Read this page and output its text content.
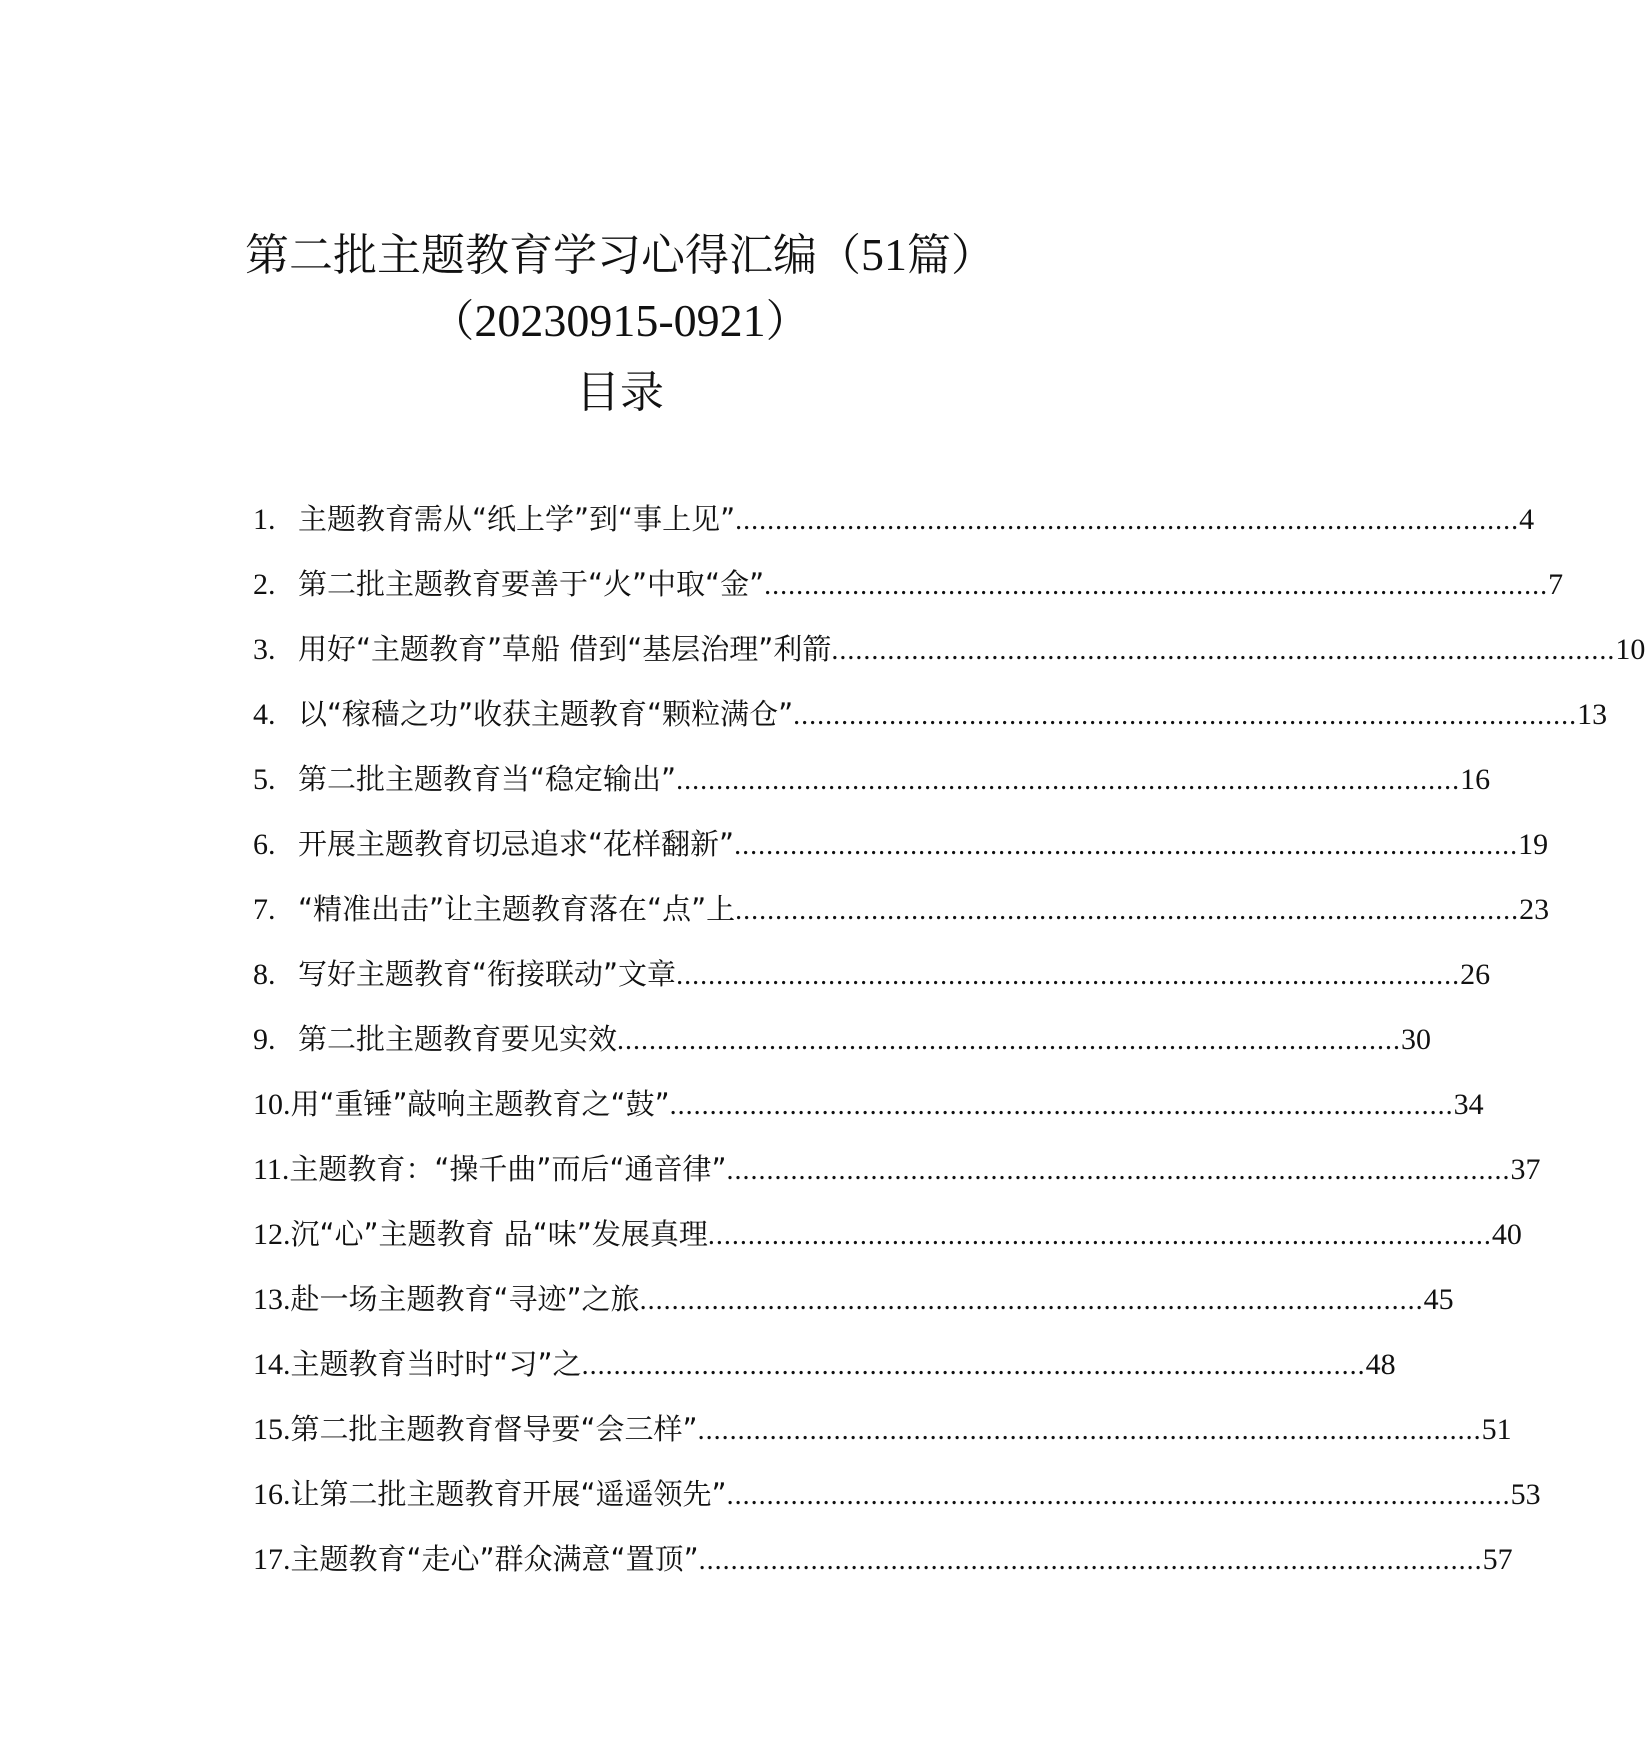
第二批主题教育学习心得汇编（51篇）
（20230915-0921）
目录
1. 主题教育需从“纸上学”到“事上见” .................................................................................................. 4
2. 第二批主题教育要善于“火”中取“金” .................................................................................................. 7
3. 用好“主题教育”草船 借到“基层治理”利箭 .................................................................................................. 10
4. 以“稼穑之功”收获主题教育“颗粒满仓” .................................................................................................. 13
5. 第二批主题教育当“稳定输出” .................................................................................................. 16
6. 开展主题教育切忌追求“花样翻新” .................................................................................................. 19
7. “精准出击”让主题教育落在“点”上 .................................................................................................. 23
8. 写好主题教育“衔接联动”文章 .................................................................................................. 26
9. 第二批主题教育要见实效 .................................................................................................. 30
10. 用“重锤”敲响主题教育之“鼓” .................................................................................................. 34
11. 主题教育：“操千曲”而后“通音律” .................................................................................................. 37
12. 沉“心”主题教育 品“味”发展真理 .................................................................................................. 40
13. 赴一场主题教育“寻迹”之旅 .................................................................................................. 45
14. 主题教育当时时“习”之 .................................................................................................. 48
15. 第二批主题教育督导要“会三样” .................................................................................................. 51
16. 让第二批主题教育开展“遥遥领先” .................................................................................................. 53
17. 主题教育“走心”群众满意“置顶” .................................................................................................. 57
